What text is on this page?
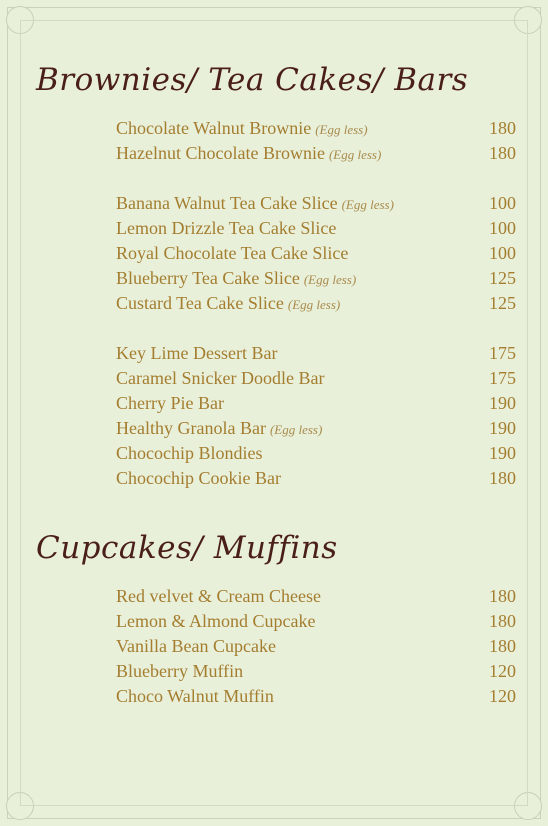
Brownies/ Tea Cakes/ Bars
Chocolate Walnut Brownie (Egg less)	180
Hazelnut Chocolate Brownie (Egg less)	180
Banana Walnut Tea Cake Slice (Egg less)	100
Lemon Drizzle Tea Cake Slice	100
Royal Chocolate Tea Cake Slice	100
Blueberry Tea Cake Slice (Egg less)	125
Custard Tea Cake Slice (Egg less)	125
Key Lime Dessert Bar	175
Caramel Snicker Doodle Bar	175
Cherry Pie Bar	190
Healthy Granola Bar (Egg less)	190
Chocochip Blondies	190
Chocochip Cookie Bar	180
Cupcakes/ Muffins
Red velvet & Cream Cheese	180
Lemon & Almond Cupcake	180
Vanilla Bean Cupcake	180
Blueberry Muffin	120
Choco Walnut Muffin	120
